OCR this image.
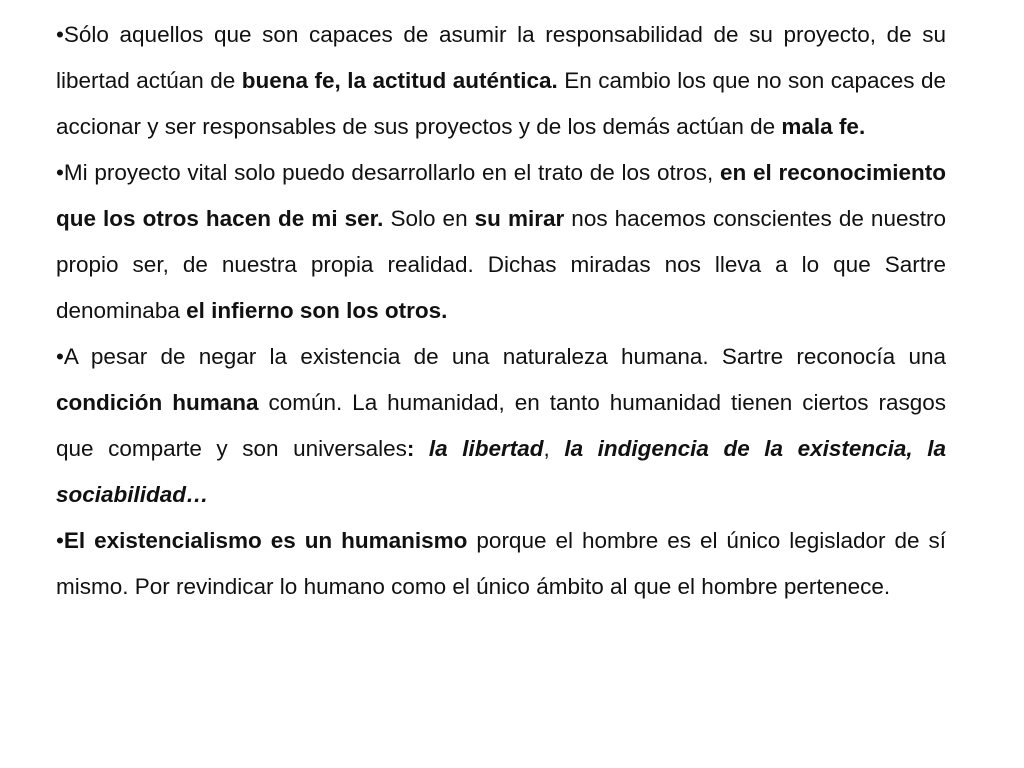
•Sólo aquellos que son capaces de asumir la responsabilidad de su proyecto, de su libertad actúan de buena fe, la actitud auténtica. En cambio los que no son capaces de accionar y ser responsables de sus proyectos y de los demás actúan de mala fe.

•Mi proyecto vital solo puedo desarrollarlo en el trato de los otros, en el reconocimiento que los otros hacen de mi ser. Solo en su mirar nos hacemos conscientes de nuestro propio ser, de nuestra propia realidad. Dichas miradas nos lleva a lo que Sartre denominaba el infierno son los otros.

•A pesar de negar la existencia de una naturaleza humana. Sartre reconocía una condición humana común. La humanidad, en tanto humanidad tienen ciertos rasgos que comparte y son universales: la libertad, la indigencia de la existencia, la sociabilidad…

•El existencialismo es un humanismo porque el hombre es el único legislador de sí mismo. Por revindicar lo humano como el único ámbito al que el hombre pertenece.
